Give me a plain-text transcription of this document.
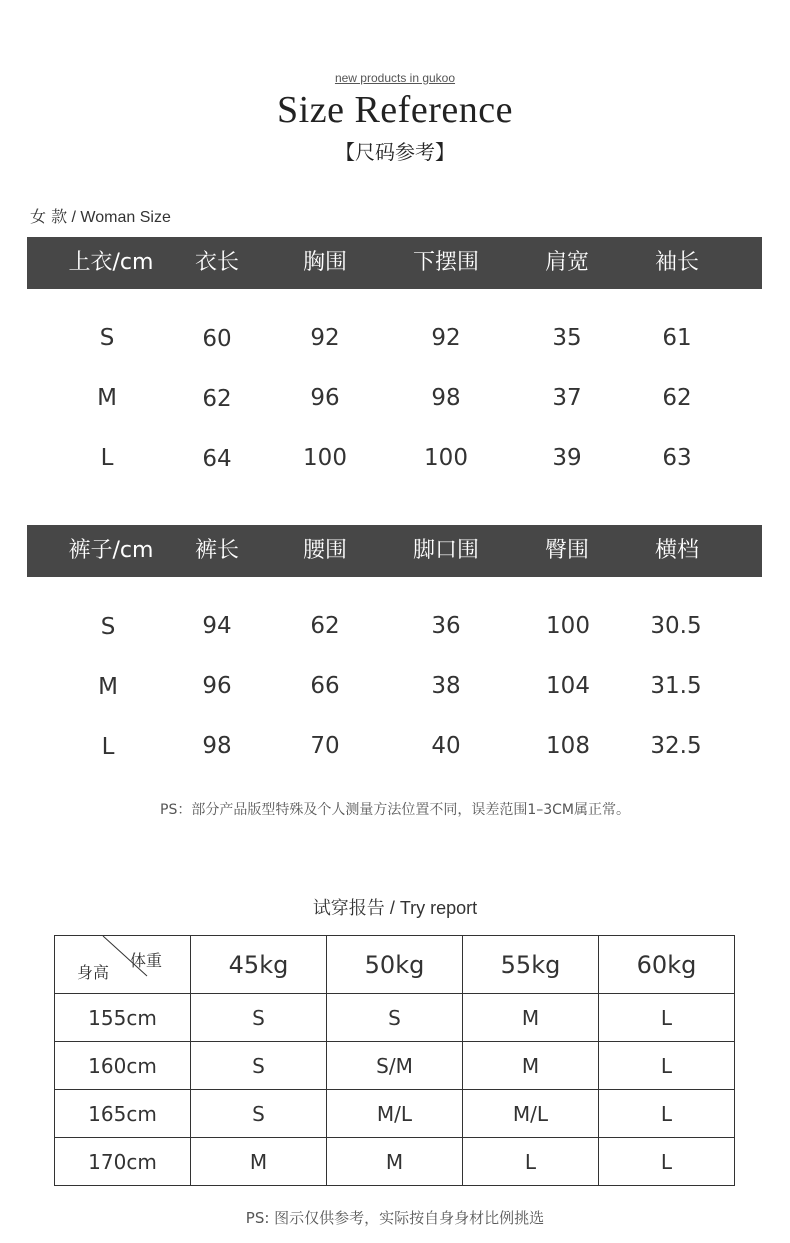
new products in gukoo
Size Reference
【尺码参考】
女 款 / Woman Size
上衣/cm	衣长	胸围	下摆围	肩宽	袖长
S	60	92	92	35	61
M	62	96	98	37	62
L	64	100	100	39	63
裤子/cm	裤长	腰围	脚口围	臀围	横档
S	94	62	36	100	30.5
M	96	66	38	104	31.5
L	98	70	40	108	32.5
PS：部分产品版型特殊及个人测量方法位置不同，误差范围1–3CM属正常。
试穿报告 / Try report
身高
体重	45kg	50kg	55kg	60kg
155cm	S	S	M	L
160cm	S	S/M	M	L
165cm	S	M/L	M/L	L
170cm	M	M	L	L
PS: 图示仅供参考，实际按自身身材比例挑选
